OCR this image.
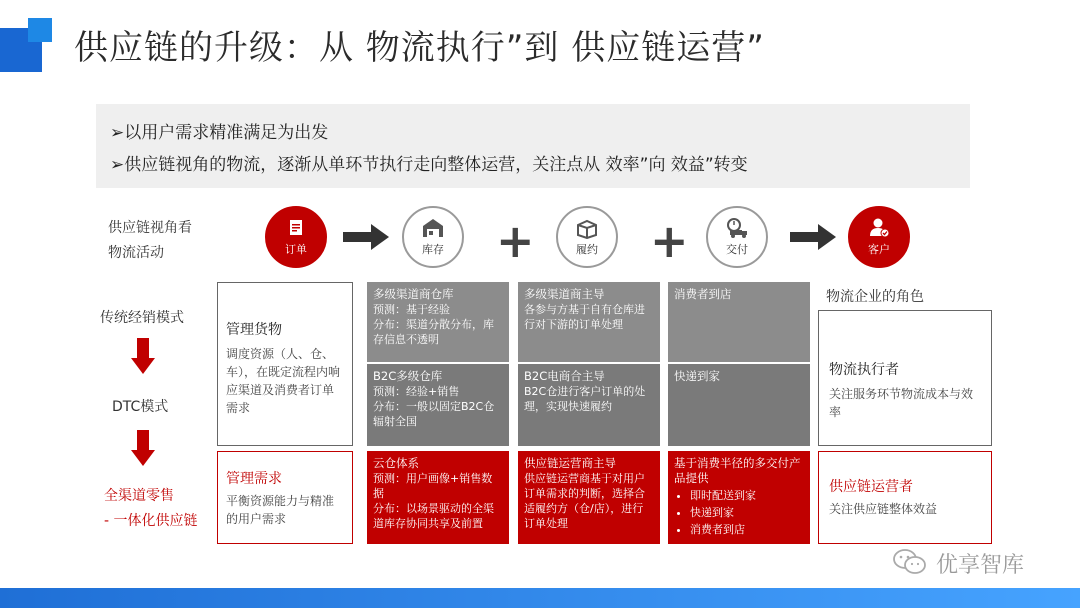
供应链的升级：从 物流执行”到 供应链运营”
➢以用户需求精准满足为出发
➢供应链视角的物流，逐渐从单环节执行走向整体运营，关注点从 效率”向 效益”转变
供应链视角看
物流活动	订单	库存 +	履约 +	交付	客户
传统经销模式
DTC模式
全渠道零售
- 一体化供应链
管理货物
调度资源（人、仓、车），在既定流程内响应渠道及消费者订单需求
管理需求
平衡资源能力与精准的用户需求
多级渠道商仓库
预测：基于经验
分布：渠道分散分布，库存信息不透明
B2C多级仓库
预测：经验+销售
分布：一般以固定B2C仓辐射全国
云仓体系
预测：用户画像+销售数据
分布：以场景驱动的全渠道库存协同共享及前置
多级渠道商主导
各参与方基于自有仓库进行对下游的订单处理
B2C电商合主导
B2C仓进行客户订单的处理，实现快速履约
供应链运营商主导
供应链运营商基于对用户订单需求的判断，选择合适履约方（仓/店），进行订单处理
消费者到店
快递到家
基于消费半径的多交付产品提供
• 即时配送到家
• 快递到家
• 消费者到店
物流企业的角色
物流执行者
关注服务环节物流成本与效率
供应链运营者
关注供应链整体效益
优享智库
